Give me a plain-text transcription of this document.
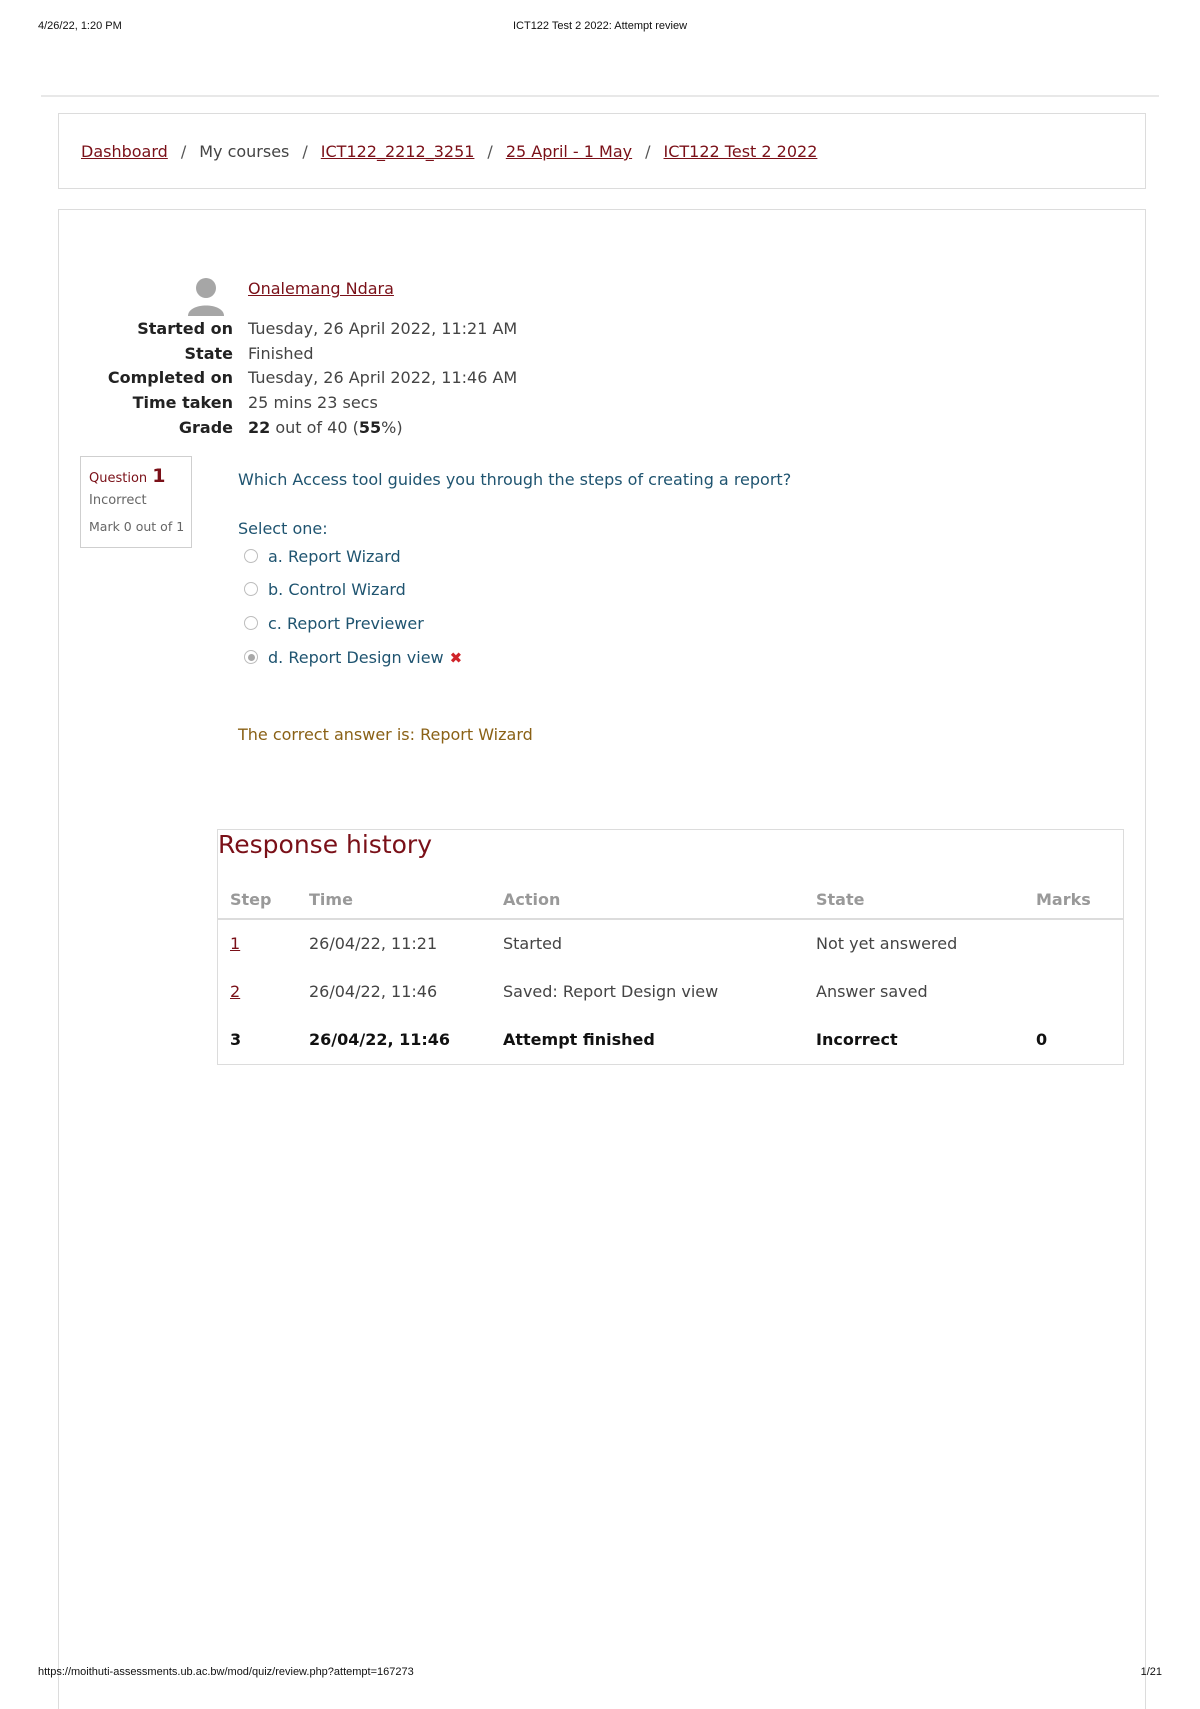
4/26/22, 1:20 PM	ICT122 Test 2 2022: Attempt review
Dashboard / My courses / ICT122_2212_3251 / 25 April - 1 May / ICT122 Test 2 2022
Onalemang Ndara
Started on	Tuesday, 26 April 2022, 11:21 AM
State	Finished
Completed on	Tuesday, 26 April 2022, 11:46 AM
Time taken	25 mins 23 secs
Grade	22 out of 40 (55%)
Question 1
Incorrect
Mark 0 out of 1
Which Access tool guides you through the steps of creating a report?
Select one:
a. Report Wizard
b. Control Wizard
c. Report Previewer
d. Report Design view ✖
The correct answer is: Report Wizard
Response history
Step Time	Action	State	Marks
1	26/04/22, 11:21	Started	Not yet answered
2	26/04/22, 11:46	Saved: Report Design view	Answer saved
3	26/04/22, 11:46	Attempt finished	Incorrect	0
https://moithuti-assessments.ub.ac.bw/mod/quiz/review.php?attempt=167273	1/21
